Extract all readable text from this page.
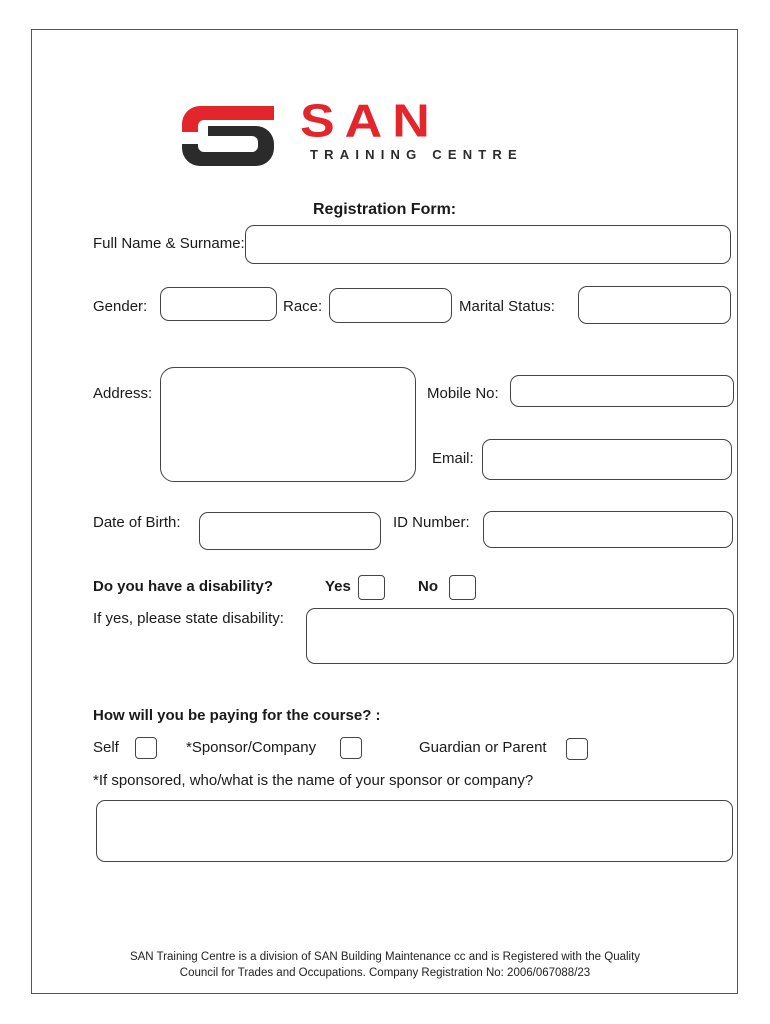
SAN
TRAINING CENTRE
Registration Form:
Full Name & Surname:
Gender:	Race:	Marital Status:
Address:	Mobile No:
Email:
Date of Birth:	ID Number:
Do you have a disability?	Yes	No
If yes, please state disability:
How will you be paying for the course? :
Self	*Sponsor/Company	Guardian or Parent
*If sponsored, who/what is the name of your sponsor or company?
SAN Training Centre is a division of SAN Building Maintenance cc and is Registered with the Quality
Council for Trades and Occupations. Company Registration No: 2006/067088/23
